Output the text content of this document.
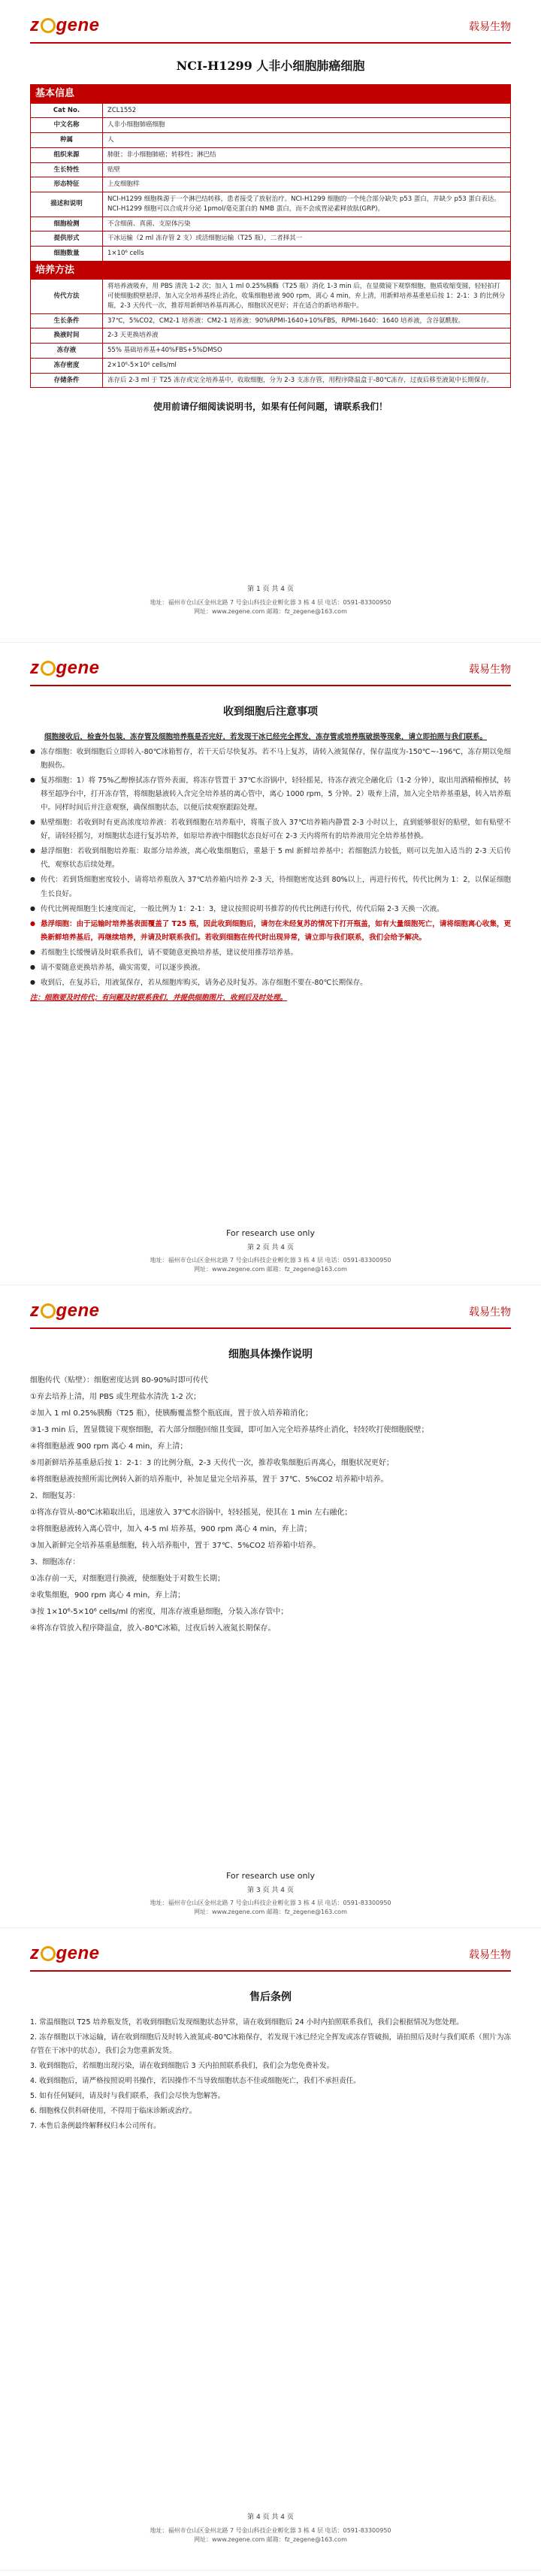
z gene	载易生物
NCI-H1299 人非小细胞肺癌细胞
基本信息	
Cat No.	ZCL1552
中文名称	人非小细胞肺癌细胞
种属	人
组织来源	肺脏；非小细胞肺癌；转移性；淋巴结
生长特性	贴壁
形态特征	上皮细胞样
描述和说明	NCI-H1299 细胞株源于一个淋巴结转移，患者接受了放射治疗。NCI-H1299 细胞的一个纯合部分缺失 p53 蛋白，并缺少 p53 蛋白表达。NCI-H1299 细胞可以合成并分泌 1pmol/毫克蛋白的 NMB 蛋白，而不会成胃泌素释放肽(GRP)。
细胞检测	不含细菌、真菌、支原体污染
提供形式	干冰运输（2 ml 冻存管 2 支）或活细胞运输（T25 瓶），二者择其一
细胞数量	1×10⁶ cells
培养方法	
传代方法	将培养液吸弃，用 PBS 清洗 1-2 次；加入 1 ml 0.25%胰酶（T25 瓶）消化 1-3 min 后，在显微镜下观察细胞，胞质收缩变圆，轻轻拍打可使细胞脱壁悬浮，加入完全培养基终止消化，收集细胞悬液 900 rpm，离心 4 min，弃上清，用新鲜培养基重悬后按 1：2-1：3 的比例分瓶，2-3 天传代一次，推荐用新鲜培养基再离心，细胞状况更好；并在适合的新培养瓶中。
生长条件	37℃，5%CO2，CM2-1 培养液：CM2-1 培养液：90%RPMI-1640+10%FBS，RPMI-1640：1640 培养液，含谷氨酰胺。
换液时间	2-3 天更换培养液
冻存液	55% 基础培养基+40%FBS+5%DMSO
冻存密度	2×10⁶-5×10⁶ cells/ml
存储条件	冻存后 2-3 ml 于 T25 冻存或完全培养基中，收取细胞，分为 2-3 支冻存管，用程序降温盒于-80℃冻存，过夜后移至液氮中长期保存。
使用前请仔细阅读说明书，如果有任何问题，请联系我们！
第 1 页 共 4 页
地址：福州市仓山区金州北路 7 号金山科技企业孵化器 3 栋 4 层 电话：0591-83300950
网址：www.zegene.com 邮箱：fz_zegene@163.com
z gene	载易生物
收到细胞后注意事项
细胞接收后，检查外包装，冻存管及细胞培养瓶是否完好，若发现干冰已经完全挥发，冻存管或培养瓶破损等现象，请立即拍照与我们联系。
● 冻存细胞：收到细胞后立即转入-80℃冰箱暂存，若干天后尽快复苏。若不马上复苏，请转入液氮保存，保存温度为-150℃~-196℃，冻存期以免细胞损伤。
● 复苏细胞：1）将 75%乙醇擦拭冻存管外表面，将冻存管置于 37℃水浴锅中，轻轻摇晃，待冻存液完全融化后（1-2 分钟），取出用酒精棉擦拭，转移至超净台中，打开冻存管，将细胞悬液转入含完全培养基的离心管中，离心 1000 rpm，5 分钟。2）吸弃上清，加入完全培养基重悬，转入培养瓶中。同样时间后并注意观察，确保细胞状态，以便后续观察跟踪处理。
● 贴壁细胞：若收到时有更高浓度培养液：若收到细胞在培养瓶中，将瓶子放入 37℃培养箱内静置 2-3 小时以上，直到能够很好的贴壁，如有贴壁不好，请轻轻摇匀，对细胞状态进行复苏培养，如原培养液中细胞状态良好可在 2-3 天内将所有的培养液用完全培养基替换。
● 悬浮细胞：若收到细胞培养瓶：取部分培养液，离心收集细胞后，重悬于 5 ml 新鲜培养基中；若细胞活力较低，则可以先加入适当的 2-3 天后传代，观察状态后续处理。
● 传代：若到货细胞密度较小，请将培养瓶放入 37℃培养箱内培养 2-3 天，待细胞密度达到 80%以上，再进行传代，传代比例为 1：2，以保证细胞生长良好。
● 传代比例视细胞生长速度而定，一般比例为 1：2-1：3，建议按照说明书推荐的传代比例进行传代，传代后隔 2-3 天换一次液。
● 悬浮细胞：由于运输时培养基表面覆盖了 T25 瓶，因此收到细胞后，请勿在未经复苏的情况下打开瓶盖，如有大量细胞死亡，请将细胞离心收集，更换新鲜培养基后，再继续培养，并请及时联系我们。若收到细胞在传代时出现异常，请立即与我们联系，我们会给予解决。
● 若细胞生长缓慢请及时联系我们，请不要随意更换培养基，建议使用推荐培养基。
● 请不要随意更换培养基，确实需要，可以逐步换液。
● 收到后，在复苏后，用液氮保存，若从细胞库购买，请务必及时复苏。冻存细胞不要在-80℃长期保存。
注：细胞要及时传代；有问题及时联系我们，并提供细胞图片，收到后及时处理。
For research use only
第 2 页 共 4 页
地址：福州市仓山区金州北路 7 号金山科技企业孵化器 3 栋 4 层 电话：0591-83300950
网址：www.zegene.com 邮箱：fz_zegene@163.com
z gene	载易生物
细胞具体操作说明
细胞传代（贴壁）：细胞密度达到 80-90%时即可传代
①弃去培养上清，用 PBS 或生理盐水清洗 1-2 次；
②加入 1 ml 0.25%胰酶（T25 瓶），使胰酶覆盖整个瓶底面，置于放入培养箱消化；
③1-3 min 后，置显微镜下观察细胞，若大部分细胞回缩且变圆，即可加入完全培养基终止消化，轻轻吹打使细胞脱壁；
④将细胞悬液 900 rpm 离心 4 min，弃上清；
⑤用新鲜培养基重悬后按 1：2-1：3 的比例分瓶，2-3 天传代一次，推荐收集细胞后再离心，细胞状况更好；
⑥将细胞悬液按照所需比例转入新的培养瓶中，补加足量完全培养基，置于 37℃、5%CO2 培养箱中培养。
2、细胞复苏：
①将冻存管从-80℃冰箱取出后，迅速放入 37℃水浴锅中，轻轻摇晃，使其在 1 min 左右融化；
②将细胞悬液转入离心管中，加入 4-5 ml 培养基，900 rpm 离心 4 min，弃上清；
③加入新鲜完全培养基重悬细胞，转入培养瓶中，置于 37℃、5%CO2 培养箱中培养。
3、细胞冻存：
①冻存前一天，对细胞进行换液，使细胞处于对数生长期；
②收集细胞，900 rpm 离心 4 min，弃上清；
③按 1×10⁶-5×10⁶ cells/ml 的密度，用冻存液重悬细胞，分装入冻存管中；
④将冻存管放入程序降温盒，放入-80℃冰箱，过夜后转入液氮长期保存。
For research use only
第 3 页 共 4 页
地址：福州市仓山区金州北路 7 号金山科技企业孵化器 3 栋 4 层 电话：0591-83300950
网址：www.zegene.com 邮箱：fz_zegene@163.com
z gene	载易生物
售后条例
1. 常温细胞以 T25 培养瓶发货，若收到细胞后发现细胞状态异常，请在收到细胞后 24 小时内拍照联系我们，我们会根据情况为您处理。
2. 冻存细胞以干冰运输，请在收到细胞后及时转入液氮或-80℃冰箱保存，若发现干冰已经完全挥发或冻存管破损，请拍照后及时与我们联系（照片为冻存管在干冰中的状态），我们会为您重新发货。
3. 收到细胞后，若细胞出现污染，请在收到细胞后 3 天内拍照联系我们，我们会为您免费补发。
4. 收到细胞后，请严格按照说明书操作，若因操作不当导致细胞状态不佳或细胞死亡，我们不承担责任。
5. 如有任何疑问，请及时与我们联系，我们会尽快为您解答。
6. 细胞株仅供科研使用，不得用于临床诊断或治疗。
7. 本售后条例最终解释权归本公司所有。
第 4 页 共 4 页
地址：福州市仓山区金州北路 7 号金山科技企业孵化器 3 栋 4 层 电话：0591-83300950
网址：www.zegene.com 邮箱：fz_zegene@163.com
